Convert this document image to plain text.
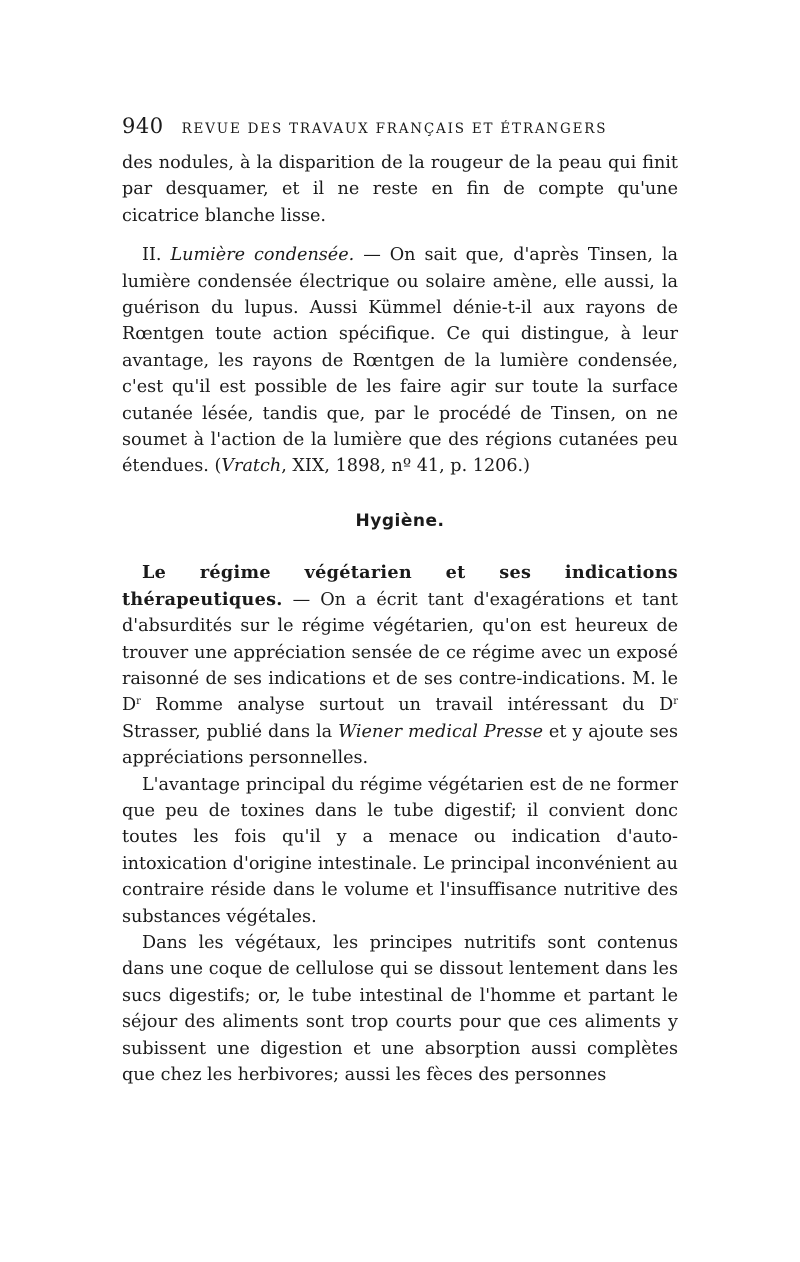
940 REVUE DES TRAVAUX FRANÇAIS ET ÉTRANGERS

des nodules, à la disparition de la rougeur de la peau qui finit par desquamer, et il ne reste en fin de compte qu'une cicatrice blanche lisse.

II. Lumière condensée. — On sait que, d'après Tinsen, la lumière condensée électrique ou solaire amène, elle aussi, la guérison du lupus. Aussi Kümmel dénie-t-il aux rayons de Rœntgen toute action spécifique. Ce qui distingue, à leur avantage, les rayons de Rœntgen de la lumière condensée, c'est qu'il est possible de les faire agir sur toute la surface cutanée lésée, tandis que, par le procédé de Tinsen, on ne soumet à l'action de la lumière que des régions cutanées peu étendues. (Vratch, XIX, 1898, nº 41, p. 1206.)

Hygiène.

Le régime végétarien et ses indications thérapeutiques. — On a écrit tant d'exagérations et tant d'absurdités sur le régime végétarien, qu'on est heureux de trouver une appréciation sensée de ce régime avec un exposé raisonné de ses indications et de ses contre-indications. M. le $D^r$ Romme analyse surtout un travail intéressant du $D^r$ Strasser, publié dans la Wiener medical Presse et y ajoute ses appréciations personnelles.

L'avantage principal du régime végétarien est de ne former que peu de toxines dans le tube digestif; il convient donc toutes les fois qu'il y a menace ou indication d'auto-intoxication d'origine intestinale. Le principal inconvénient au contraire réside dans le volume et l'insuffisance nutritive des substances végétales.

Dans les végétaux, les principes nutritifs sont contenus dans une coque de cellulose qui se dissout lentement dans les sucs digestifs; or, le tube intestinal de l'homme et partant le séjour des aliments sont trop courts pour que ces aliments y subissent une digestion et une absorption aussi complètes que chez les herbivores; aussi les fèces des personnes
